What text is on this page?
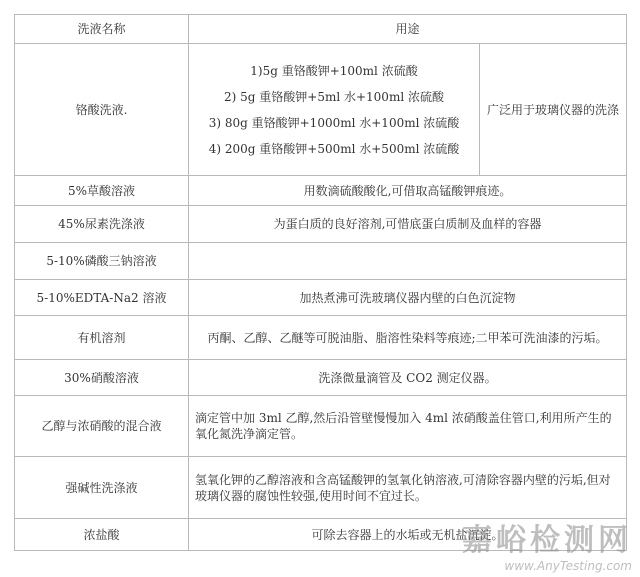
洗液名称	用途	
铬酸洗液.	1)5g 重铬酸钾+100ml 浓硫酸
2) 5g 重铬酸钾+5ml 水+100ml 浓硫酸
3) 80g 重铬酸钾+1000ml 水+100ml 浓硫酸
4) 200g 重铬酸钾+500ml 水+500ml 浓硫酸	广泛用于玻璃仪器的洗涤
5%草酸溶液	用数滴硫酸酸化,可借取高锰酸钾痕迹。	
45%尿素洗涤液	为蛋白质的良好溶剂,可惜底蛋白质制及血样的容器	
5-10%磷酸三钠溶液		
5-10%EDTA-Na2 溶液	加热煮沸可洗玻璃仪器内壁的白色沉淀物	
有机溶剂	丙酮、乙醇、乙醚等可脱油脂、脂溶性染料等痕迹;二甲苯可洗油漆的污垢。	
30%硝酸溶液	洗涤微量滴管及 CO2 测定仪器。	
乙醇与浓硝酸的混合液	滴定管中加 3ml 乙醇,然后沿管壁慢慢加入 4ml 浓硝酸盖住管口,利用所产生的氧化氮洗净滴定管。	
强碱性洗涤液	氢氧化钾的乙醇溶液和含高锰酸钾的氢氧化钠溶液,可清除容器内壁的污垢,但对玻璃仪器的腐蚀性较强,使用时间不宜过长。	
浓盐酸	可除去容器上的水垢或无机盐沉淀。	
嘉峪检测网
www.AnyTesting.com
